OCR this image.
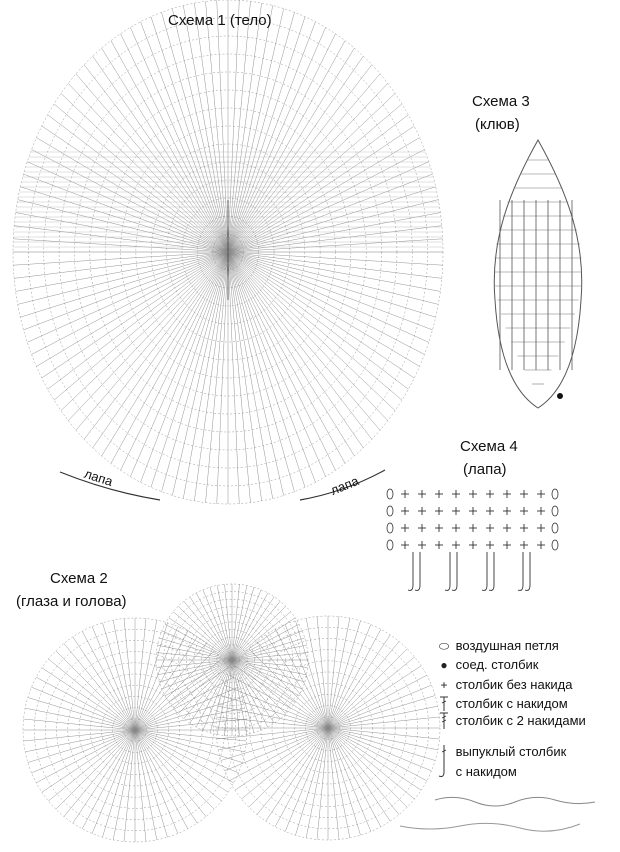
Схема 1 (тело)
лапа	лапа
Схема 3
(клюв)
Схема 4
(лапа)
Схема 2
(глаза и голова)
⬭ воздушная петля
● соед. столбик
+ столбик без накида
столбик с накидом
столбик с 2 накидами
выпуклый столбик
с накидом
